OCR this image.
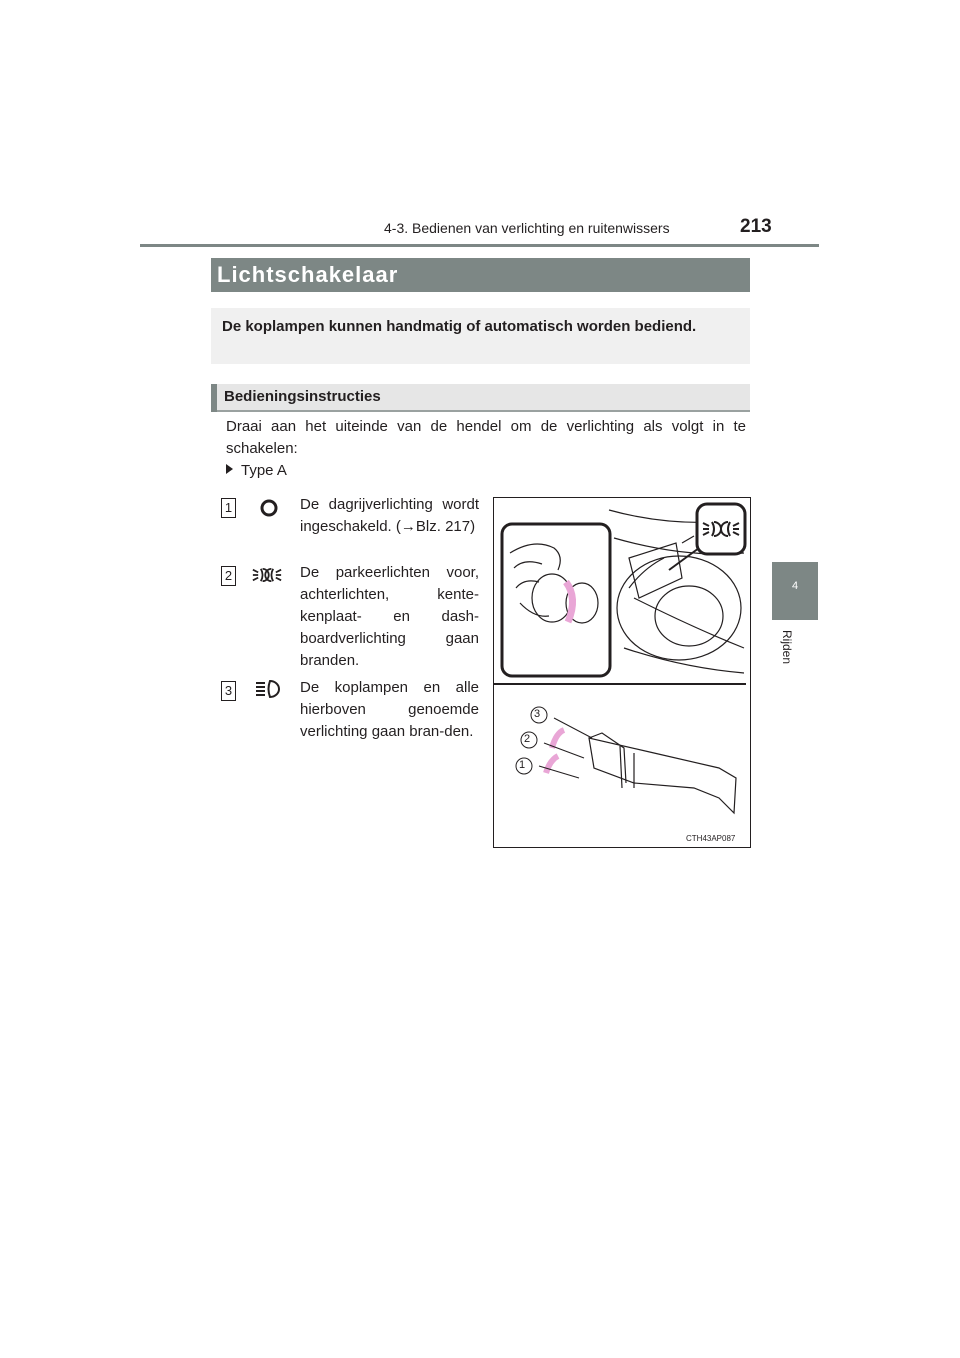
4-3. Bedienen van verlichting en ruitenwissers	213
4
Rijden
Lichtschakelaar

De koplampen kunnen handmatig of automatisch worden bediend.

Bedieningsinstructies

Draai aan het uiteinde van de hendel om de verlichting als volgt in te schakelen:

Type A
1	De dagrijverlichting wordt ingeschakeld. (→Blz. 217)

2	De parkeerlichten voor, achterlichten, kente-kenplaat- en dash-boardverlichting gaan branden.

3	De koplampen en alle hierboven genoemde verlichting gaan bran-den.

3
2
1
CTH43AP087
